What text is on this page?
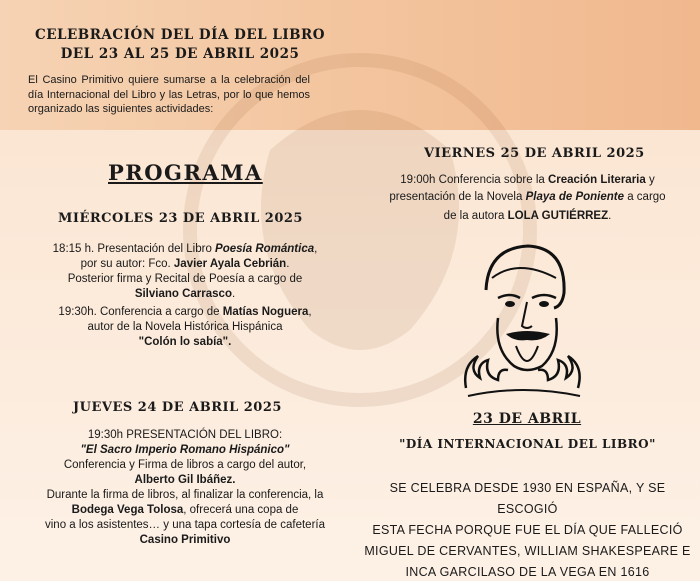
CELEBRACIÓN DEL DÍA DEL LIBRO
DEL 23 AL 25 DE ABRIL 2025
El Casino Primitivo quiere sumarse a la celebración del día Internacional del Libro y las Letras, por lo que hemos organizado las siguientes actividades:
PROGRAMA
MIÉRCOLES 23 DE ABRIL 2025
18:15 h. Presentación del Libro Poesía Romántica,
por su autor: Fco. Javier Ayala Cebrián.
Posterior firma y Recital de Poesía a cargo de
Silviano Carrasco.
19:30h. Conferencia a cargo de Matías Noguera,
autor de la Novela Histórica Hispánica
"Colón lo sabía".
JUEVES 24 DE ABRIL 2025
19:30h PRESENTACIÓN DEL LIBRO:
"El Sacro Imperio Romano Hispánico"
Conferencia y Firma de libros a cargo del autor,
Alberto Gil Ibáñez.
Durante la firma de libros, al finalizar la conferencia, la
Bodega Vega Tolosa, ofrecerá una copa de
vino a los asistentes… y una tapa cortesía de cafetería
Casino Primitivo
VIERNES 25 DE ABRIL 2025
19:00h Conferencia sobre la Creación Literaria y
presentación de la Novela Playa de Poniente a cargo
de la autora LOLA GUTIÉRREZ.
23 DE ABRIL
"DÍA INTERNACIONAL DEL LIBRO"
SE CELEBRA DESDE 1930 EN ESPAÑA, Y SE ESCOGIÓ
ESTA FECHA PORQUE FUE EL DÍA QUE FALLECIÓ
MIGUEL DE CERVANTES, WILLIAM SHAKESPEARE E
INCA GARCILASO DE LA VEGA EN 1616
